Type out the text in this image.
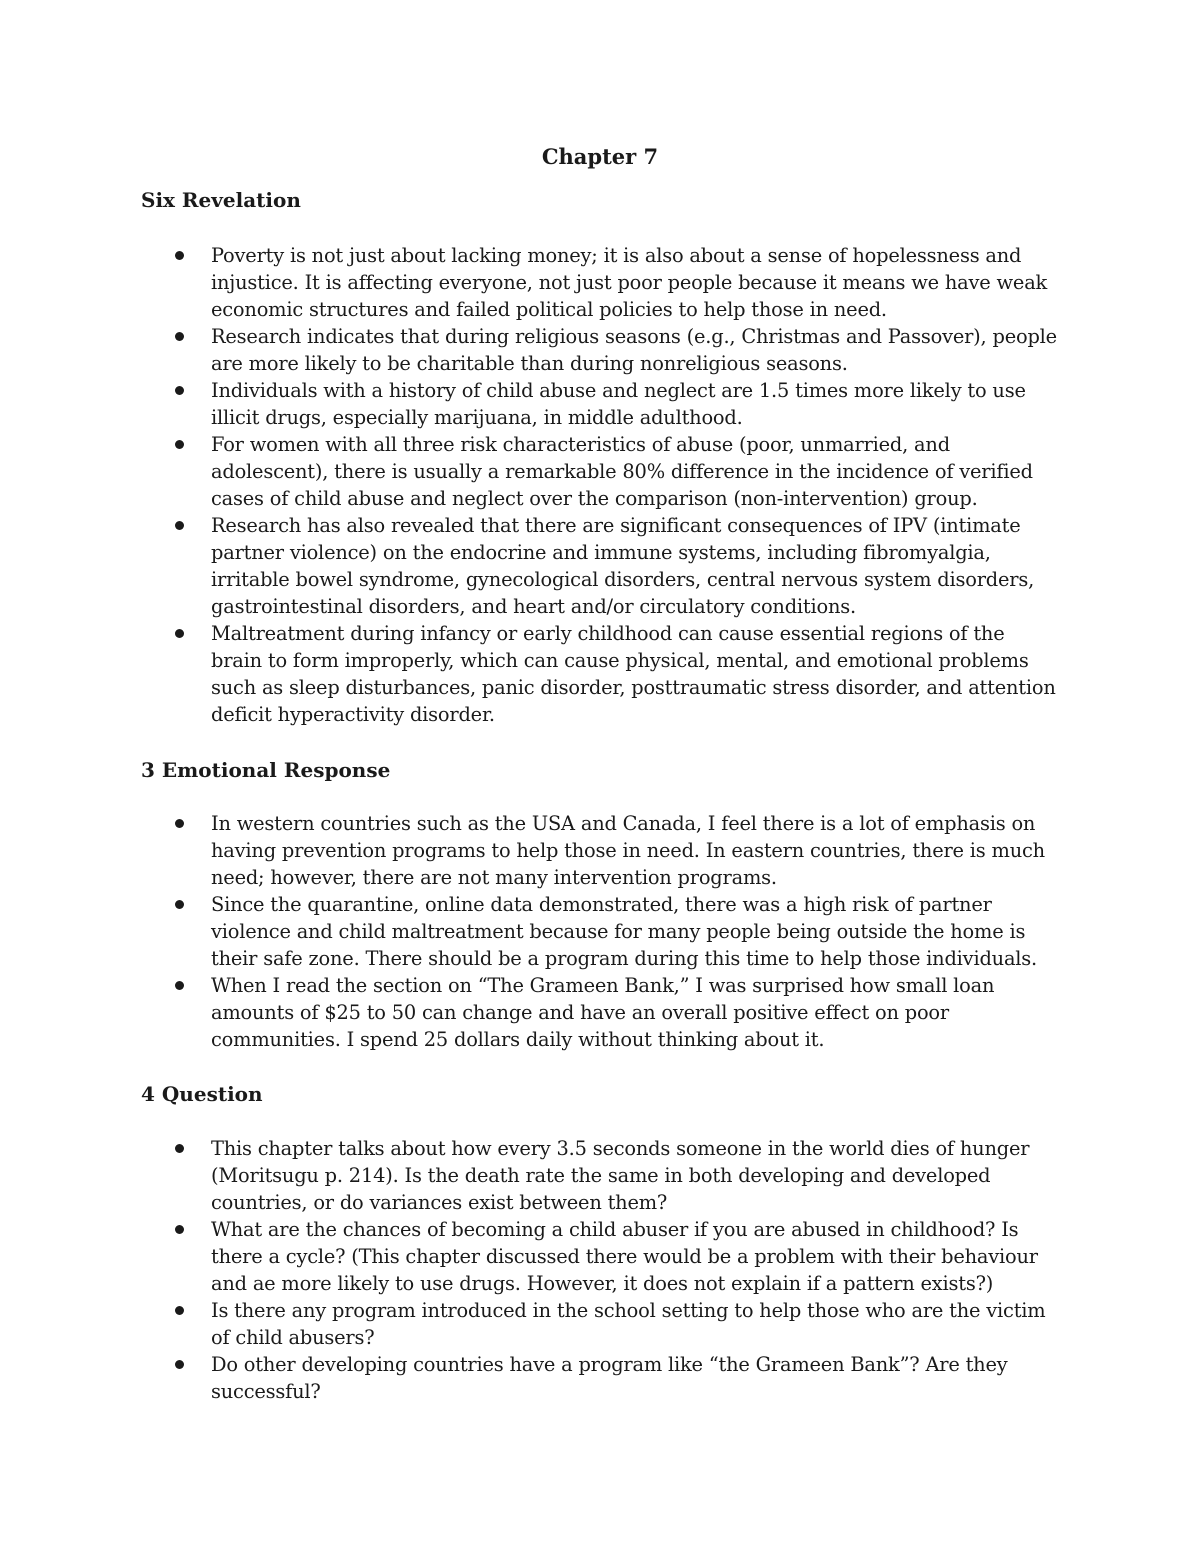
Chapter 7
Six Revelation
Poverty is not just about lacking money; it is also about a sense of hopelessness and injustice. It is affecting everyone, not just poor people because it means we have weak economic structures and failed political policies to help those in need.
Research indicates that during religious seasons (e.g., Christmas and Passover), people are more likely to be charitable than during nonreligious seasons.
Individuals with a history of child abuse and neglect are 1.5 times more likely to use illicit drugs, especially marijuana, in middle adulthood.
For women with all three risk characteristics of abuse (poor, unmarried, and adolescent), there is usually a remarkable 80% difference in the incidence of verified cases of child abuse and neglect over the comparison (non-intervention) group.
Research has also revealed that there are significant consequences of IPV (intimate partner violence) on the endocrine and immune systems, including fibromyalgia, irritable bowel syndrome, gynecological disorders, central nervous system disorders, gastrointestinal disorders, and heart and/or circulatory conditions.
Maltreatment during infancy or early childhood can cause essential regions of the brain to form improperly, which can cause physical, mental, and emotional problems such as sleep disturbances, panic disorder, posttraumatic stress disorder, and attention deficit hyperactivity disorder.
3 Emotional Response
In western countries such as the USA and Canada, I feel there is a lot of emphasis on having prevention programs to help those in need. In eastern countries, there is much need; however, there are not many intervention programs.
Since the quarantine, online data demonstrated, there was a high risk of partner violence and child maltreatment because for many people being outside the home is their safe zone. There should be a program during this time to help those individuals.
When I read the section on “The Grameen Bank,” I was surprised how small loan amounts of $25 to 50 can change and have an overall positive effect on poor communities. I spend 25 dollars daily without thinking about it.
4 Question
This chapter talks about how every 3.5 seconds someone in the world dies of hunger (Moritsugu p. 214). Is the death rate the same in both developing and developed countries, or do variances exist between them?
What are the chances of becoming a child abuser if you are abused in childhood? Is there a cycle? (This chapter discussed there would be a problem with their behaviour and ae more likely to use drugs. However, it does not explain if a pattern exists?)
Is there any program introduced in the school setting to help those who are the victim of child abusers?
Do other developing countries have a program like “the Grameen Bank”? Are they successful?
